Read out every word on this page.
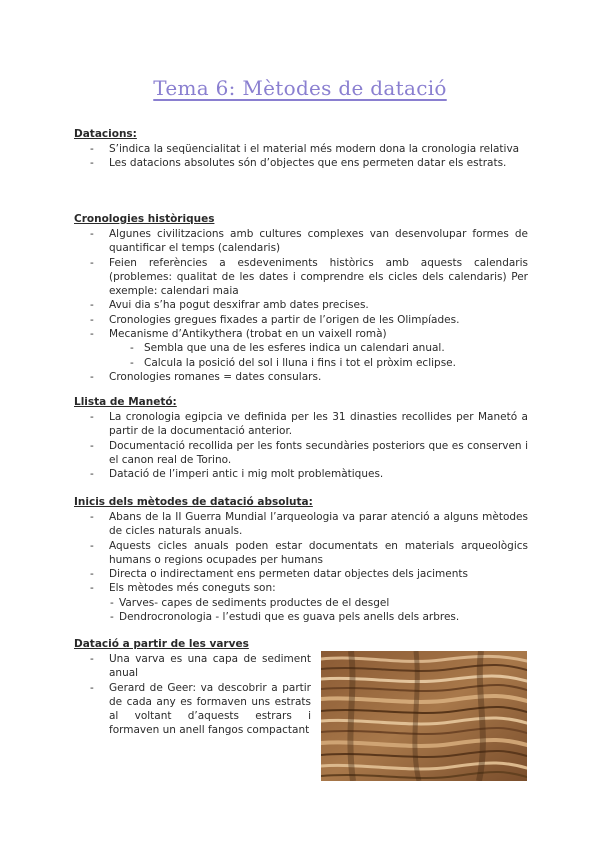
Tema 6: Mètodes de datació
Datacions:
- S’indica la seqüencialitat i el material més modern dona la cronologia relativa
- Les datacions absolutes són d’objectes que ens permeten datar els estrats.
Cronologies històriques
- Algunes civilitzacions amb cultures complexes van desenvolupar formes de quantificar el temps (calendaris)
- Feien referències a esdeveniments històrics amb aquests calendaris (problemes: qualitat de les dates i comprendre els cicles dels calendaris) Per exemple: calendari maia
- Avui dia s’ha pogut desxifrar amb dates precises.
- Cronologies gregues fixades a partir de l’origen de les Olimpíades.
- Mecanisme d’Antikythera (trobat en un vaixell romà)
- Sembla que una de les esferes indica un calendari anual.
- Calcula la posició del sol i lluna i fins i tot el pròxim eclipse.
- Cronologies romanes = dates consulars.
Llista de Manetó:
- La cronologia egipcia ve definida per les 31 dinasties recollides per Manetó a partir de la documentació anterior.
- Documentació recollida per les fonts secundàries posteriors que es conserven i el canon real de Torino.
- Datació de l’imperi antic i mig molt problemàtiques.
Inicis dels mètodes de datació absoluta:
- Abans de la II Guerra Mundial l’arqueologia va parar atenció a alguns mètodes de cicles naturals anuals.
- Aquests cicles anuals poden estar documentats en materials arqueològics humans o regions ocupades per humans
- Directa o indirectament ens permeten datar objectes dels jaciments
- Els mètodes més coneguts son:
- Varves- capes de sediments productes de el desgel
- Dendrocronologia - l’estudi que es guava pels anells dels arbres.
Datació a partir de les varves
- Una varva es una capa de sediment anual
- Gerard de Geer: va descobrir a partir de cada any es formaven uns estrats al voltant d’aquests estrars i formaven un anell fangos compactant
